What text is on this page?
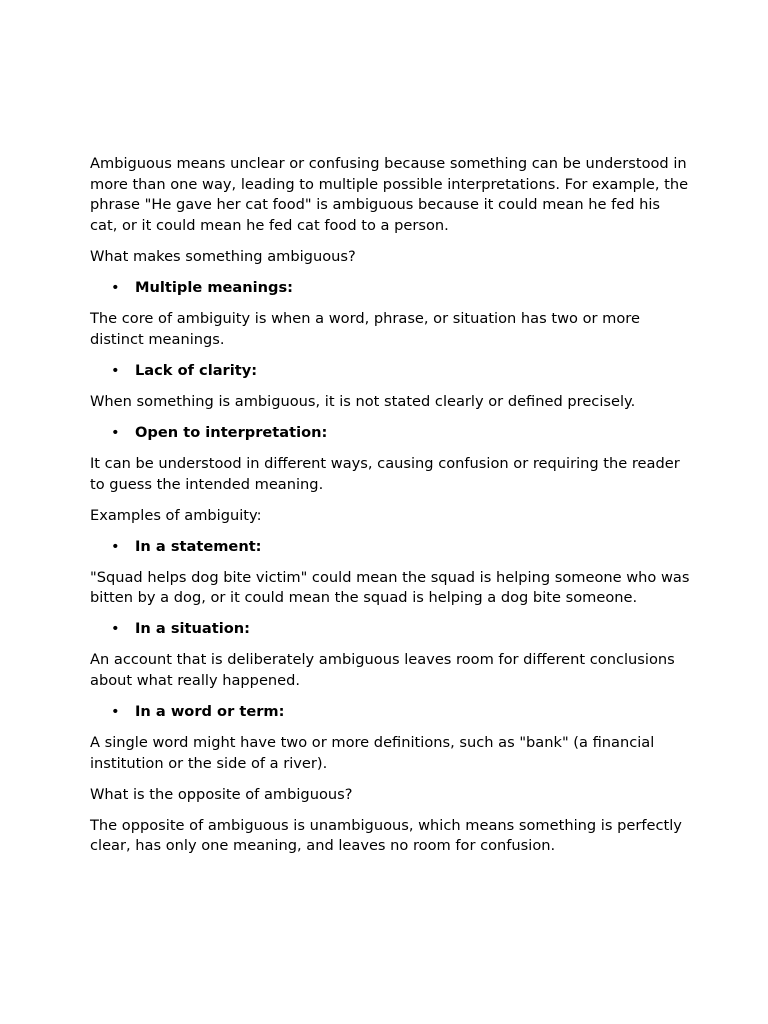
Ambiguous means unclear or confusing because something can be understood in more than one way, leading to multiple possible interpretations. For example, the phrase "He gave her cat food" is ambiguous because it could mean he fed his cat, or it could mean he fed cat food to a person.

What makes something ambiguous?

• Multiple meanings:

The core of ambiguity is when a word, phrase, or situation has two or more distinct meanings.

• Lack of clarity:

When something is ambiguous, it is not stated clearly or defined precisely.

• Open to interpretation:

It can be understood in different ways, causing confusion or requiring the reader to guess the intended meaning.

Examples of ambiguity:

• In a statement:

"Squad helps dog bite victim" could mean the squad is helping someone who was bitten by a dog, or it could mean the squad is helping a dog bite someone.

• In a situation:

An account that is deliberately ambiguous leaves room for different conclusions about what really happened.

• In a word or term:

A single word might have two or more definitions, such as "bank" (a financial institution or the side of a river).

What is the opposite of ambiguous?

The opposite of ambiguous is unambiguous, which means something is perfectly clear, has only one meaning, and leaves no room for confusion.
